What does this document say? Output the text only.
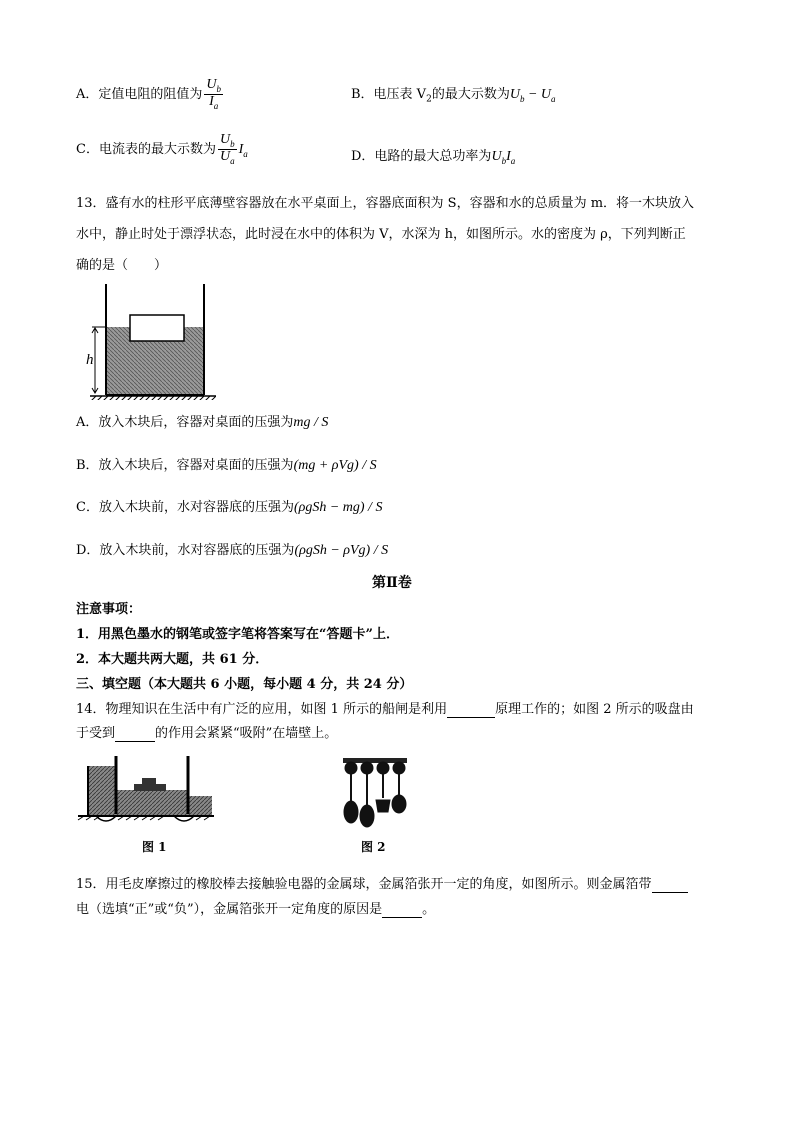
A．定值电阻的阻值为 $\frac{U_b}{I_a}$	B．电压表 $V_2$的最大示数为$U_b - U_a$
C．电流表的最大示数为 $\frac{U_b}{U_a} I_a$	D．电路的最大总功率为$U_bI_a$
13．盛有水的柱形平底薄壁容器放在水平桌面上，容器底面积为 S，容器和水的总质量为 m．将一木块放入
水中，静止时处于漂浮状态，此时浸在水中的体积为 V，水深为 h，如图所示。水的密度为 ρ，下列判断正
确的是（　　）
h
A．放入木块后，容器对桌面的压强为mg / S
B．放入木块后，容器对桌面的压强为(mg + ρVg) / S
C．放入木块前，水对容器底的压强为(ρgSh − mg) / S
D．放入木块前，水对容器底的压强为(ρgSh − ρVg) / S
第Ⅱ卷
注意事项：
1．用黑色墨水的钢笔或签字笔将答案写在“答题卡”上．
2．本大题共两大题，共 61 分．
三、填空题（本大题共 6 小题，每小题 4 分，共 24 分）
14．物理知识在生活中有广泛的应用，如图 1 所示的船闸是利用	原理工作的；如图 2 所示的吸盘由
于受到	的作用会紧紧“吸附”在墙壁上。
图 1	图 2
15．用毛皮摩擦过的橡胶棒去接触验电器的金属球，金属箔张开一定的角度，如图所示。则金属箔带
电（选填“正”或“负”），金属箔张开一定角度的原因是	。
